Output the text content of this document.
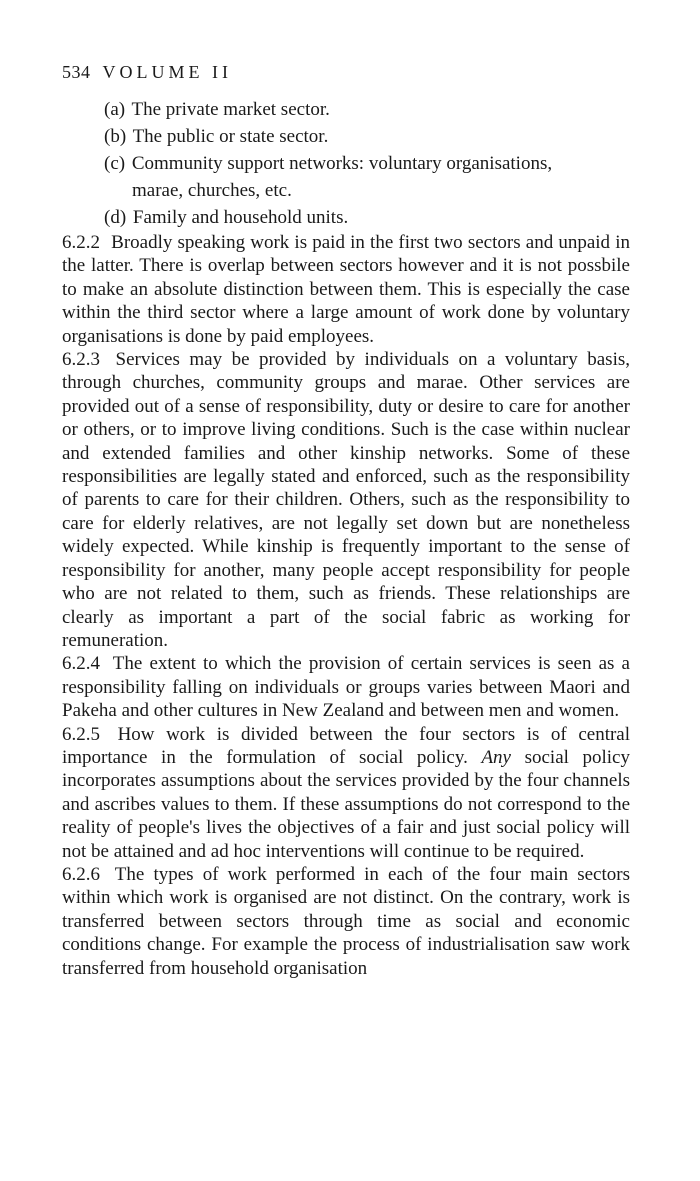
534 VOLUME II
(a) The private market sector.
(b) The public or state sector.
(c) Community support networks: voluntary organisations,
marae, churches, etc.
(d) Family and household units.

6.2.2 Broadly speaking work is paid in the first two sectors and unpaid in the latter. There is overlap between sectors however and it is not possbile to make an absolute distinction between them. This is especially the case within the third sector where a large amount of work done by voluntary organisations is done by paid employees.

6.2.3 Services may be provided by individuals on a voluntary basis, through churches, community groups and marae. Other services are provided out of a sense of responsibility, duty or desire to care for another or others, or to improve living conditions. Such is the case within nuclear and extended families and other kinship networks. Some of these responsibilities are legally stated and enforced, such as the responsibility of parents to care for their children. Others, such as the responsibility to care for elderly relatives, are not legally set down but are nonetheless widely expected. While kinship is frequently important to the sense of responsibility for another, many people accept responsibility for people who are not related to them, such as friends. These relationships are clearly as important a part of the social fabric as working for remuneration.

6.2.4 The extent to which the provision of certain services is seen as a responsibility falling on individuals or groups varies between Maori and Pakeha and other cultures in New Zealand and between men and women.

6.2.5 How work is divided between the four sectors is of central importance in the formulation of social policy. Any social policy incorporates assumptions about the services provided by the four channels and ascribes values to them. If these assumptions do not correspond to the reality of people's lives the objectives of a fair and just social policy will not be attained and ad hoc interventions will continue to be required.

6.2.6 The types of work performed in each of the four main sectors within which work is organised are not distinct. On the contrary, work is transferred between sectors through time as social and economic conditions change. For example the process of industrialisation saw work transferred from household organisation
